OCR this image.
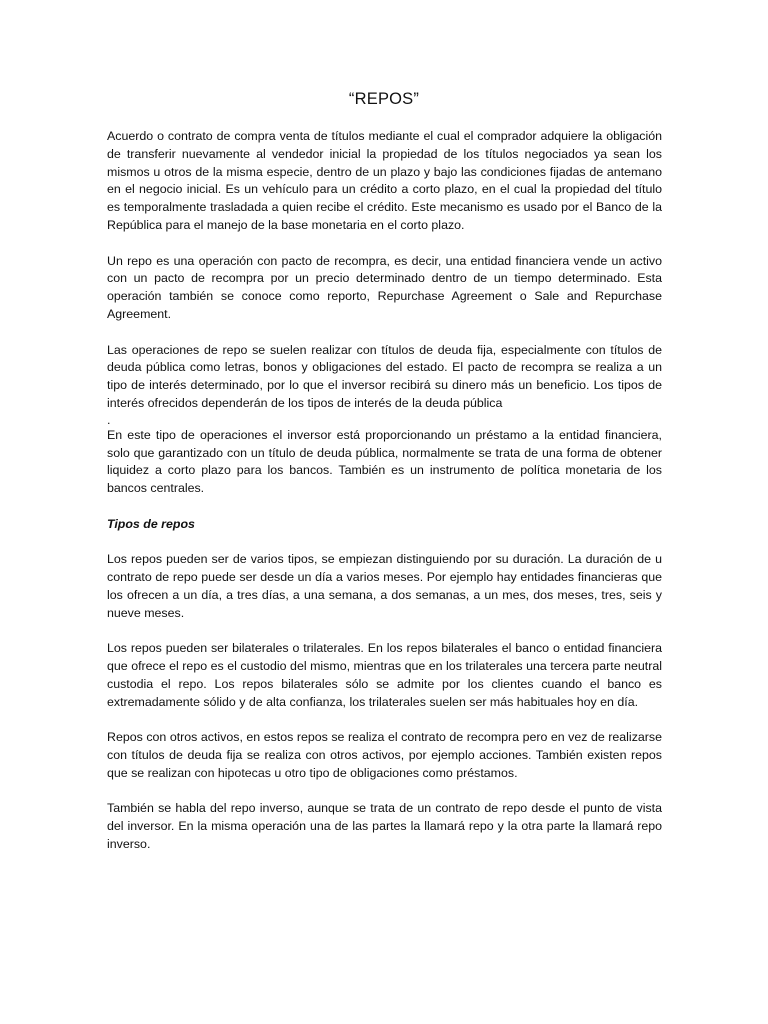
“REPOS”

Acuerdo o contrato de compra venta de títulos mediante el cual el comprador adquiere la obligación de transferir nuevamente al vendedor inicial la propiedad de los títulos negociados ya sean los mismos u otros de la misma especie, dentro de un plazo y bajo las condiciones fijadas de antemano en el negocio inicial. Es un vehículo para un crédito a corto plazo, en el cual la propiedad del título es temporalmente trasladada a quien recibe el crédito. Este mecanismo es usado por el Banco de la República para el manejo de la base monetaria en el corto plazo.

Un repo es una operación con pacto de recompra, es decir, una entidad financiera vende un activo con un pacto de recompra por un precio determinado dentro de un tiempo determinado. Esta operación también se conoce como reporto, Repurchase Agreement o Sale and Repurchase Agreement.

Las operaciones de repo se suelen realizar con títulos de deuda fija, especialmente con títulos de deuda pública como letras, bonos y obligaciones del estado. El pacto de recompra se realiza a un tipo de interés determinado, por lo que el inversor recibirá su dinero más un beneficio. Los tipos de interés ofrecidos dependerán de los tipos de interés de la deuda pública

.

En este tipo de operaciones el inversor está proporcionando un préstamo a la entidad financiera, solo que garantizado con un título de deuda pública, normalmente se trata de una forma de obtener liquidez a corto plazo para los bancos. También es un instrumento de política monetaria de los bancos centrales.

Tipos de repos

Los repos pueden ser de varios tipos, se empiezan distinguiendo por su duración. La duración de u contrato de repo puede ser desde un día a varios meses. Por ejemplo hay entidades financieras que los ofrecen a un día, a tres días, a una semana, a dos semanas, a un mes, dos meses, tres, seis y nueve meses.

Los repos pueden ser bilaterales o trilaterales. En los repos bilaterales el banco o entidad financiera que ofrece el repo es el custodio del mismo, mientras que en los trilaterales una tercera parte neutral custodia el repo. Los repos bilaterales sólo se admite por los clientes cuando el banco es extremadamente sólido y de alta confianza, los trilaterales suelen ser más habituales hoy en día.

Repos con otros activos, en estos repos se realiza el contrato de recompra pero en vez de realizarse con títulos de deuda fija se realiza con otros activos, por ejemplo acciones. También existen repos que se realizan con hipotecas u otro tipo de obligaciones como préstamos.

También se habla del repo inverso, aunque se trata de un contrato de repo desde el punto de vista del inversor. En la misma operación una de las partes la llamará repo y la otra parte la llamará repo inverso.
